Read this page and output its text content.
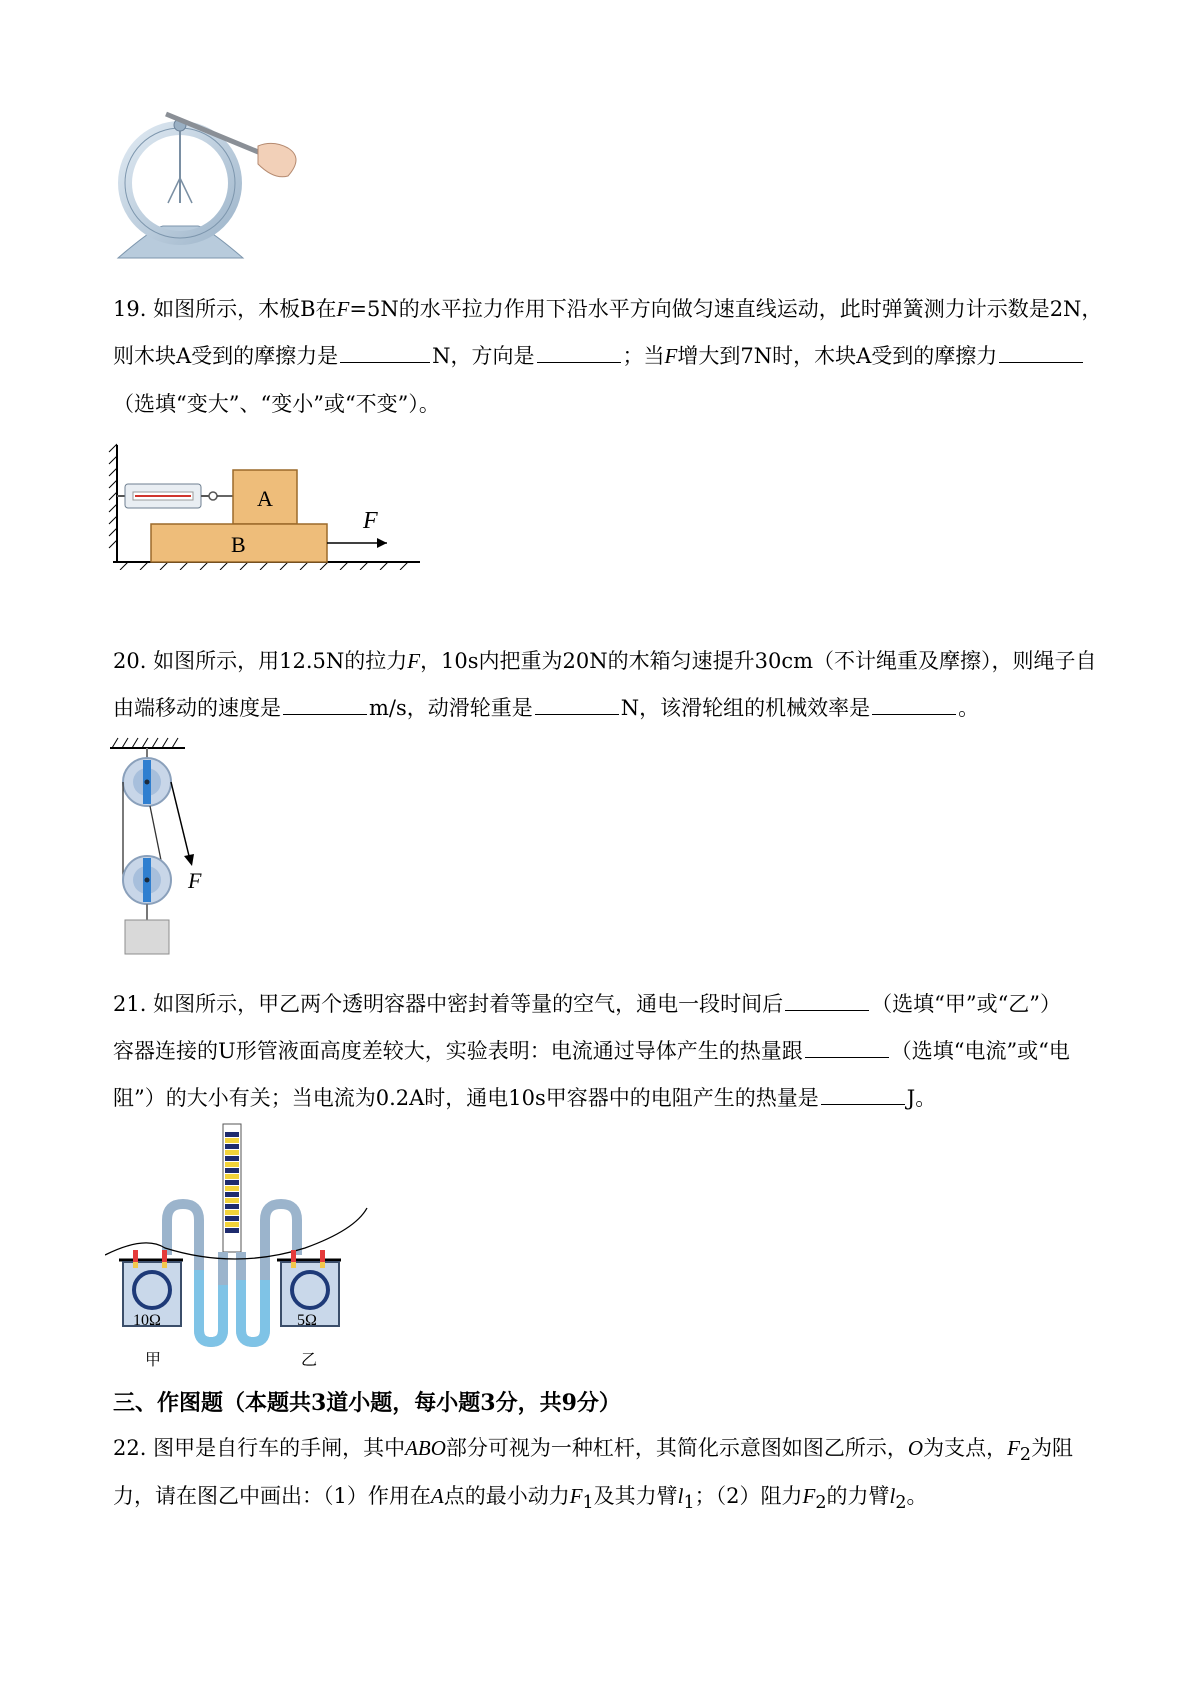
19. 如图所示，木板B在F=5N的水平拉力作用下沿水平方向做匀速直线运动，此时弹簧测力计示数是2N，
则木块A受到的摩擦力是	N，方向是	；当F增大到7N时，木块A受到的摩擦力
（选填“变大”、“变小”或“不变”）。
A
B
F
20. 如图所示，用12.5N的拉力F，10s内把重为20N的木箱匀速提升30cm（不计绳重及摩擦），则绳子自
由端移动的速度是	m/s，动滑轮重是	N，该滑轮组的机械效率是	。
F
21. 如图所示，甲乙两个透明容器中密封着等量的空气，通电一段时间后	（选填“甲”或“乙”）
容器连接的U形管液面高度差较大，实验表明：电流通过导体产生的热量跟	（选填“电流”或“电
阻”）的大小有关；当电流为0.2A时，通电10s甲容器中的电阻产生的热量是	J。
10Ω	5Ω
甲	乙
三、作图题（本题共3道小题，每小题3分，共9分）
22. 图甲是自行车的手闸，其中ABO部分可视为一种杠杆，其简化示意图如图乙所示，O为支点，$F_2$为阻
力，请在图乙中画出：（1）作用在A点的最小动力$F_1$及其力臂$l_1$；（2）阻力$F_2$的力臂$l_2$。
